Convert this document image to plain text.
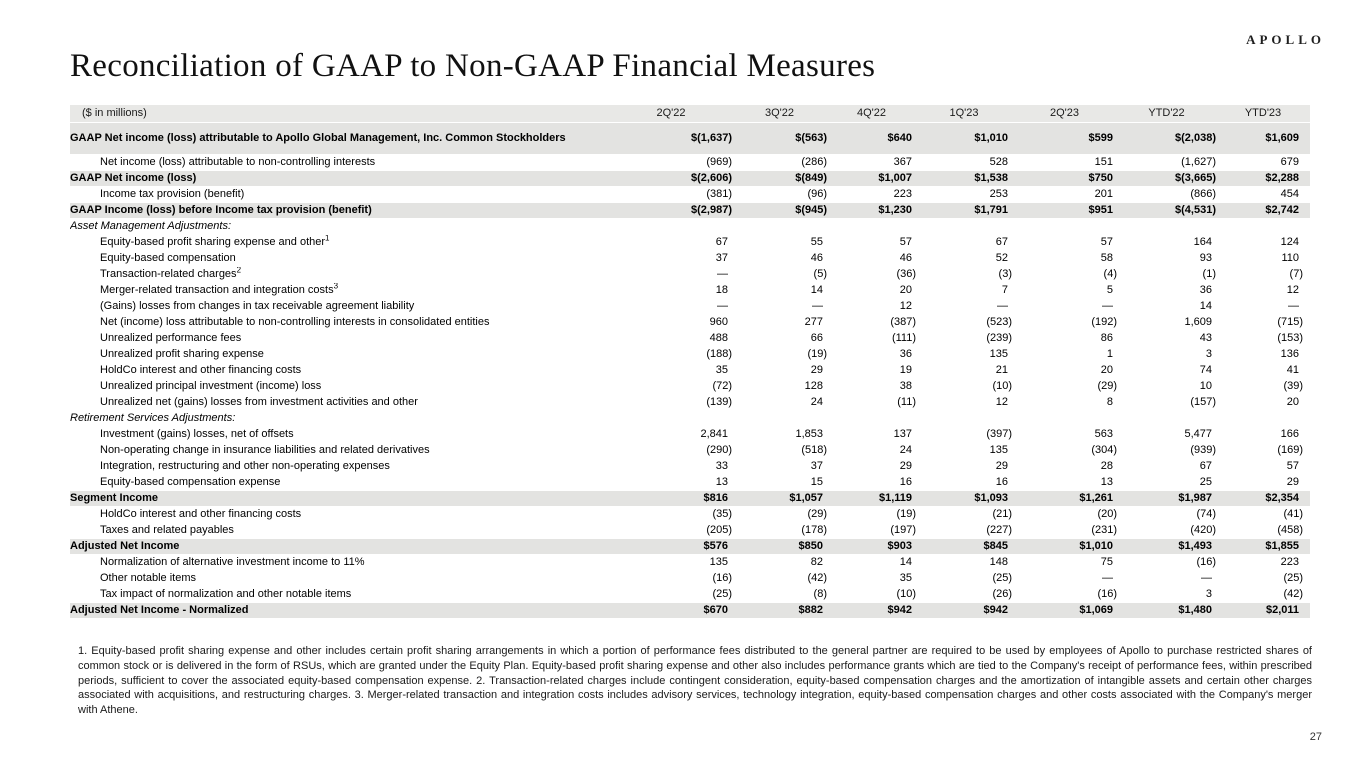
APOLLO
Reconciliation of GAAP to Non-GAAP Financial Measures
($ in millions)	2Q'22	3Q'22	4Q'22	1Q'23	2Q'23	YTD'22	YTD'23
GAAP Net income (loss) attributable to Apollo Global Management, Inc. Common Stockholders	$(1,637)	$(563)	$640	$1,010	$599	$(2,038)	$1,609
Net income (loss) attributable to non-controlling interests	(969)	(286)	367	528	151	(1,627)	679
GAAP Net income (loss)	$(2,606)	$(849)	$1,007	$1,538	$750	$(3,665)	$2,288
Income tax provision (benefit)	(381)	(96)	223	253	201	(866)	454
GAAP Income (loss) before Income tax provision (benefit)	$(2,987)	$(945)	$1,230	$1,791	$951	$(4,531)	$2,742
Asset Management Adjustments:							
Equity-based profit sharing expense and other$^1$	67	55	57	67	57	164	124
Equity-based compensation	37	46	46	52	58	93	110
Transaction-related charges$^2$	—	(5)	(36)	(3)	(4)	(1)	(7)
Merger-related transaction and integration costs$^3$	18	14	20	7	5	36	12
(Gains) losses from changes in tax receivable agreement liability	—	—	12	—	—	14	—
Net (income) loss attributable to non-controlling interests in consolidated entities	960	277	(387)	(523)	(192)	1,609	(715)
Unrealized performance fees	488	66	(111)	(239)	86	43	(153)
Unrealized profit sharing expense	(188)	(19)	36	135	1	3	136
HoldCo interest and other financing costs	35	29	19	21	20	74	41
Unrealized principal investment (income) loss	(72)	128	38	(10)	(29)	10	(39)
Unrealized net (gains) losses from investment activities and other	(139)	24	(11)	12	8	(157)	20
Retirement Services Adjustments:							
Investment (gains) losses, net of offsets	2,841	1,853	137	(397)	563	5,477	166
Non-operating change in insurance liabilities and related derivatives	(290)	(518)	24	135	(304)	(939)	(169)
Integration, restructuring and other non-operating expenses	33	37	29	29	28	67	57
Equity-based compensation expense	13	15	16	16	13	25	29
Segment Income	$816	$1,057	$1,119	$1,093	$1,261	$1,987	$2,354
HoldCo interest and other financing costs	(35)	(29)	(19)	(21)	(20)	(74)	(41)
Taxes and related payables	(205)	(178)	(197)	(227)	(231)	(420)	(458)
Adjusted Net Income	$576	$850	$903	$845	$1,010	$1,493	$1,855
Normalization of alternative investment income to 11%	135	82	14	148	75	(16)	223
Other notable items	(16)	(42)	35	(25)	—	—	(25)
Tax impact of normalization and other notable items	(25)	(8)	(10)	(26)	(16)	3	(42)
Adjusted Net Income - Normalized	$670	$882	$942	$942	$1,069	$1,480	$2,011

1. Equity-based profit sharing expense and other includes certain profit sharing arrangements in which a portion of performance fees distributed to the general partner are required to be used by employees of Apollo to purchase restricted shares of common stock or is delivered in the form of RSUs, which are granted under the Equity Plan. Equity-based profit sharing expense and other also includes performance grants which are tied to the Company's receipt of performance fees, within prescribed periods, sufficient to cover the associated equity-based compensation expense. 2. Transaction-related charges include contingent consideration, equity-based compensation charges and the amortization of intangible assets and certain other charges associated with acquisitions, and restructuring charges. 3. Merger-related transaction and integration costs includes advisory services, technology integration, equity-based compensation charges and other costs associated with the Company's merger with Athene.

27
